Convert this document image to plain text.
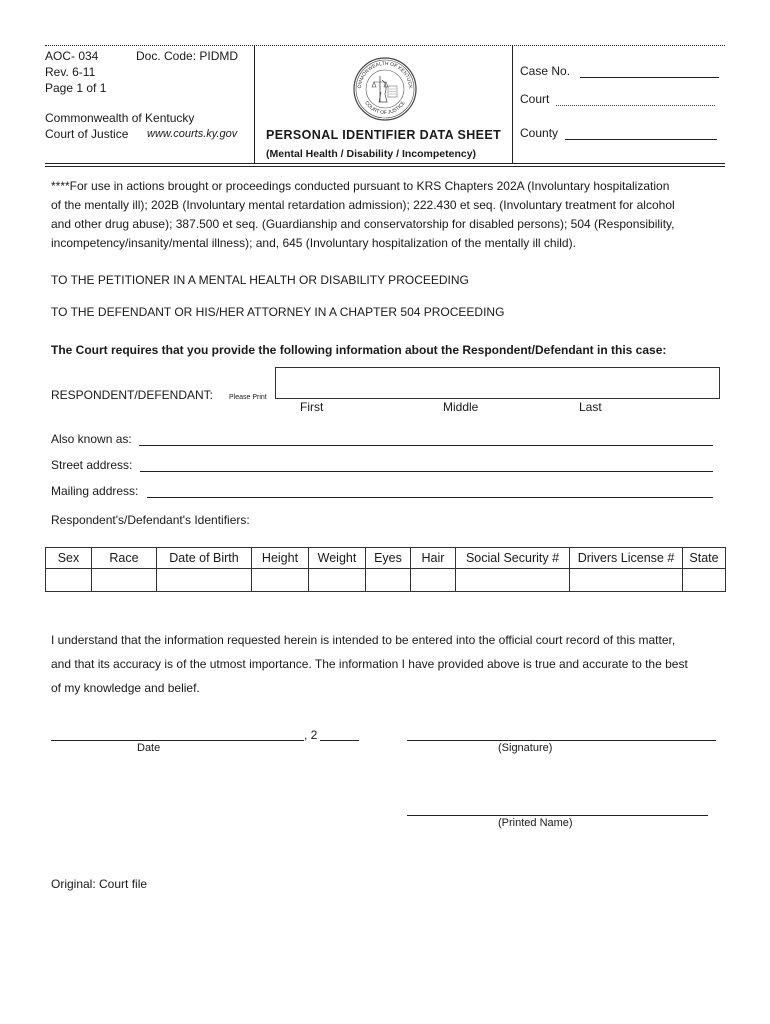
AOC- 034	Doc. Code: PIDMD
Rev. 6-11
Page 1 of 1
Commonwealth of Kentucky
Court of Justice www.courts.ky.gov
OMMONWEALTH OF KENTUCK
COURT OF JUSTICE
PERSONAL IDENTIFIER DATA SHEET
(Mental Health / Disability / Incompetency)
Case No.
Court
County
****For use in actions brought or proceedings conducted pursuant to KRS Chapters 202A (Involuntary hospitalization
of the mentally ill); 202B (Involuntary mental retardation admission); 222.430 et seq. (Involuntary treatment for alcohol
and other drug abuse); 387.500 et seq. (Guardianship and conservatorship for disabled persons); 504 (Responsibility,
incompetency/insanity/mental illness); and, 645 (Involuntary hospitalization of the mentally ill child).
TO THE PETITIONER IN A MENTAL HEALTH OR DISABILITY PROCEEDING
TO THE DEFENDANT OR HIS/HER ATTORNEY IN A CHAPTER 504 PROCEEDING
The Court requires that you provide the following information about the Respondent/Defendant in this case:
RESPONDENT/DEFENDANT: Please Print
First	Middle	Last
Also known as:
Street address:
Mailing address:
Respondent's/Defendant's Identifiers:
Sex	Race	Date of Birth	Height	Weight	Eyes	Hair	Social Security #	Drivers License #	State

I understand that the information requested herein is intended to be entered into the official court record of this matter,
and that its accuracy is of the utmost importance. The information I have provided above is true and accurate to the best
of my knowledge and belief.
, 2
Date	(Signature)
(Printed Name)
Original: Court file
